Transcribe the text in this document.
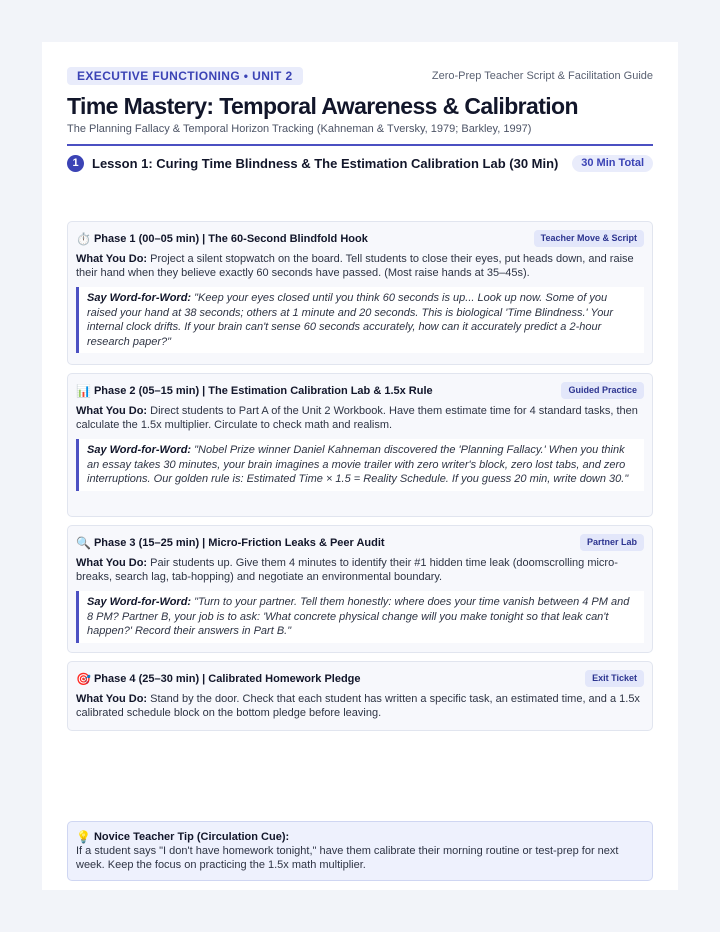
EXECUTIVE FUNCTIONING • UNIT 2	Zero-Prep Teacher Script & Facilitation Guide
Time Mastery: Temporal Awareness & Calibration
The Planning Fallacy & Temporal Horizon Tracking (Kahneman & Tversky, 1979; Barkley, 1997)
1	Lesson 1: Curing Time Blindness & The Estimation Calibration Lab (30 Min)	30 Min Total
⏱️ Phase 1 (00–05 min) | The 60-Second Blindfold Hook	Teacher Move & Script
What You Do: Project a silent stopwatch on the board. Tell students to close their eyes, put heads down, and raise their hand when they believe exactly 60 seconds have passed. (Most raise hands at 35–45s).
Say Word-for-Word: "Keep your eyes closed until you think 60 seconds is up... Look up now. Some of you raised your hand at 38 seconds; others at 1 minute and 20 seconds. This is biological 'Time Blindness.' Your internal clock drifts. If your brain can't sense 60 seconds accurately, how can it accurately predict a 2-hour research paper?"
📊 Phase 2 (05–15 min) | The Estimation Calibration Lab & 1.5x Rule	Guided Practice
What You Do: Direct students to Part A of the Unit 2 Workbook. Have them estimate time for 4 standard tasks, then calculate the 1.5x multiplier. Circulate to check math and realism.
Say Word-for-Word: "Nobel Prize winner Daniel Kahneman discovered the 'Planning Fallacy.' When you think an essay takes 30 minutes, your brain imagines a movie trailer with zero writer's block, zero lost tabs, and zero interruptions. Our golden rule is: Estimated Time × 1.5 = Reality Schedule. If you guess 20 min, write down 30."
🔍 Phase 3 (15–25 min) | Micro-Friction Leaks & Peer Audit	Partner Lab
What You Do: Pair students up. Give them 4 minutes to identify their #1 hidden time leak (doomscrolling micro-breaks, search lag, tab-hopping) and negotiate an environmental boundary.
Say Word-for-Word: "Turn to your partner. Tell them honestly: where does your time vanish between 4 PM and 8 PM? Partner B, your job is to ask: 'What concrete physical change will you make tonight so that leak can't happen?' Record their answers in Part B."
🎯 Phase 4 (25–30 min) | Calibrated Homework Pledge	Exit Ticket
What You Do: Stand by the door. Check that each student has written a specific task, an estimated time, and a 1.5x calibrated schedule block on the bottom pledge before leaving.
💡 Novice Teacher Tip (Circulation Cue):
If a student says "I don't have homework tonight," have them calibrate their morning routine or test-prep for next week. Keep the focus on practicing the 1.5x math multiplier.
